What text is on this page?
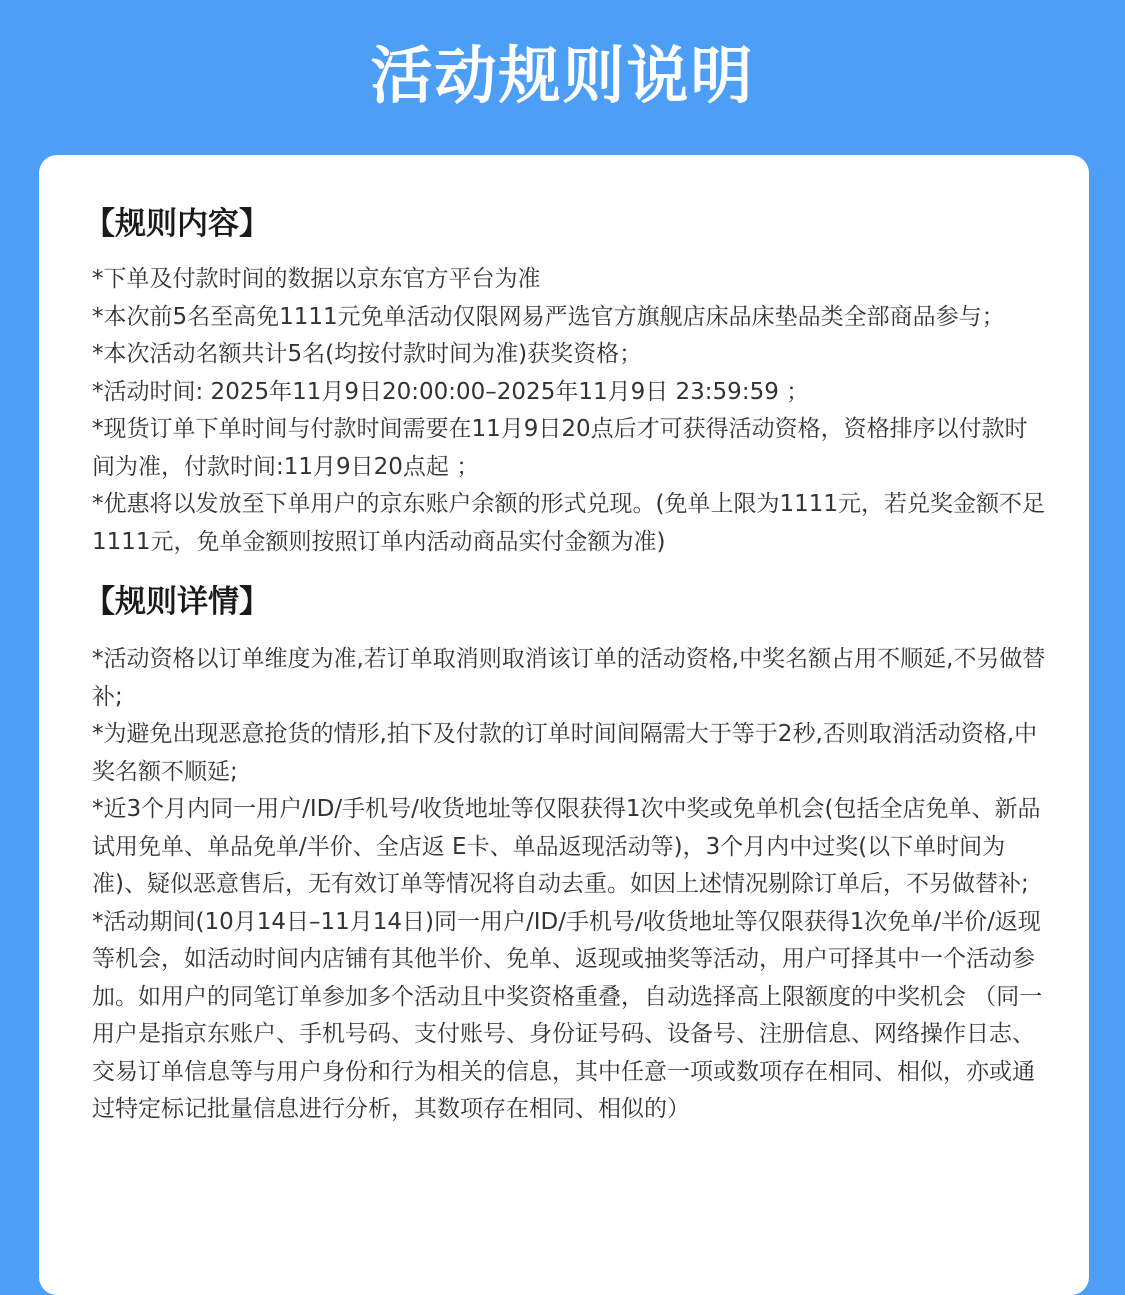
活动规则说明
【规则内容】
*下单及付款时间的数据以京东官方平台为准
*本次前5名至高免1111元免单活动仅限网易严选官方旗舰店床品床垫品类全部商品参与；
*本次活动名额共计5名(均按付款时间为准)获奖资格；
*活动时间: 2025年11月9日20:00:00–2025年11月9日 23:59:59 ；
*现货订单下单时间与付款时间需要在11月9日20点后才可获得活动资格，资格排序以付款时间为准，付款时间:11月9日20点起 ；
*优惠将以发放至下单用户的京东账户余额的形式兑现。(免单上限为1111元，若兑奖金额不足1111元，免单金额则按照订单内活动商品实付金额为准)
【规则详情】
*活动资格以订单维度为准,若订单取消则取消该订单的活动资格,中奖名额占用不顺延,不另做替补;
*为避免出现恶意抢货的情形,拍下及付款的订单时间间隔需大于等于2秒,否则取消活动资格,中奖名额不顺延;
*近3个月内同一用户/ID/手机号/收货地址等仅限获得1次中奖或免单机会(包括全店免单、新品试用免单、单品免单/半价、全店返 E卡、单品返现活动等)，3个月内中过奖(以下单时间为准)、疑似恶意售后，无有效订单等情况将自动去重。如因上述情况剔除订单后，不另做替补;
*活动期间(10月14日–11月14日)同一用户/ID/手机号/收货地址等仅限获得1次免单/半价/返现等机会，如活动时间内店铺有其他半价、免单、返现或抽奖等活动，用户可择其中一个活动参加。如用户的同笔订单参加多个活动且中奖资格重叠，自动选择高上限额度的中奖机会 （同一用户是指京东账户、手机号码、支付账号、身份证号码、设备号、注册信息、网络操作日志、交易订单信息等与用户身份和行为相关的信息，其中任意一项或数项存在相同、相似，亦或通过特定标记批量信息进行分析，其数项存在相同、相似的）
